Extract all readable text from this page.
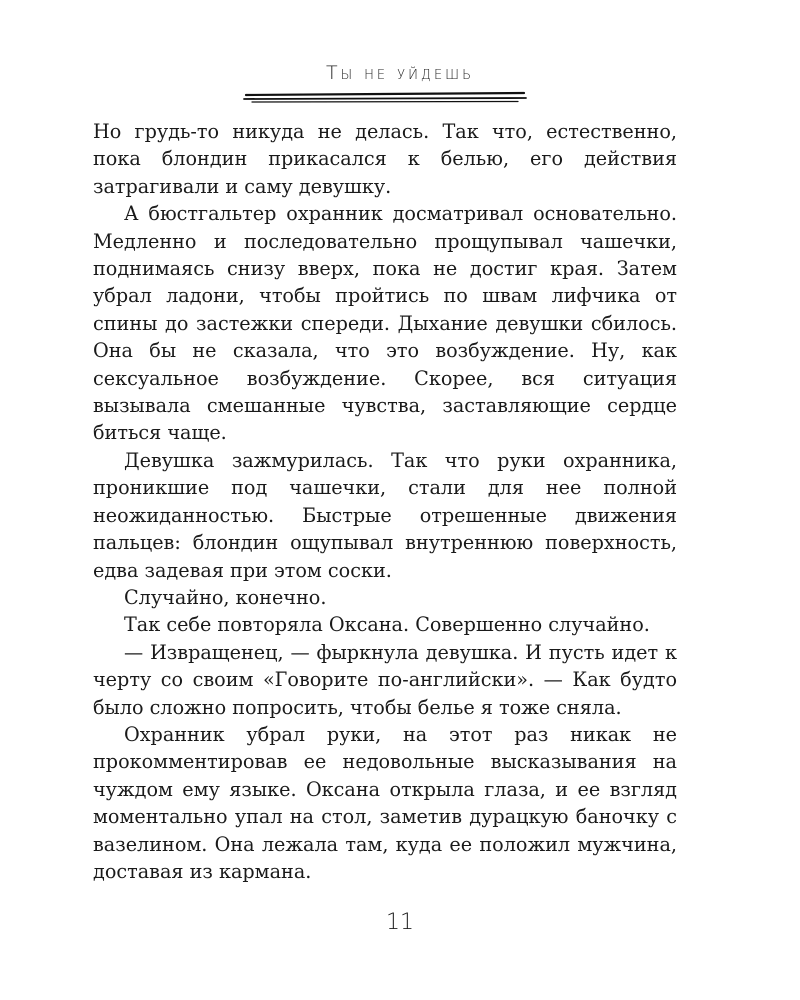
Ты не уйдешь

Но грудь-то никуда не делась. Так что, естественно, пока блондин прикасался к белью, его действия затрагивали и саму девушку.

А бюстгальтер охранник досматривал основательно. Медленно и последовательно прощупывал чашечки, поднимаясь снизу вверх, пока не достиг края. Затем убрал ладони, чтобы пройтись по швам лифчика от спины до застежки спереди. Дыхание девушки сбилось. Она бы не сказала, что это возбуждение. Ну, как сексуальное возбуждение. Скорее, вся ситуация вызывала смешанные чувства, заставляющие сердце биться чаще.

Девушка зажмурилась. Так что руки охранника, проникшие под чашечки, стали для нее полной неожиданностью. Быстрые отрешенные движения пальцев: блондин ощупывал внутреннюю поверхность, едва задевая при этом соски.

Случайно, конечно.

Так себе повторяла Оксана. Совершенно случайно.

— Извращенец, — фыркнула девушка. И пусть идет к черту со своим «Говорите по-английски». — Как будто было сложно попросить, чтобы белье я тоже сняла.

Охранник убрал руки, на этот раз никак не прокомментировав ее недовольные высказывания на чуждом ему языке. Оксана открыла глаза, и ее взгляд моментально упал на стол, заметив дурацкую баночку с вазелином. Она лежала там, куда ее положил мужчина, доставая из кармана.

11
